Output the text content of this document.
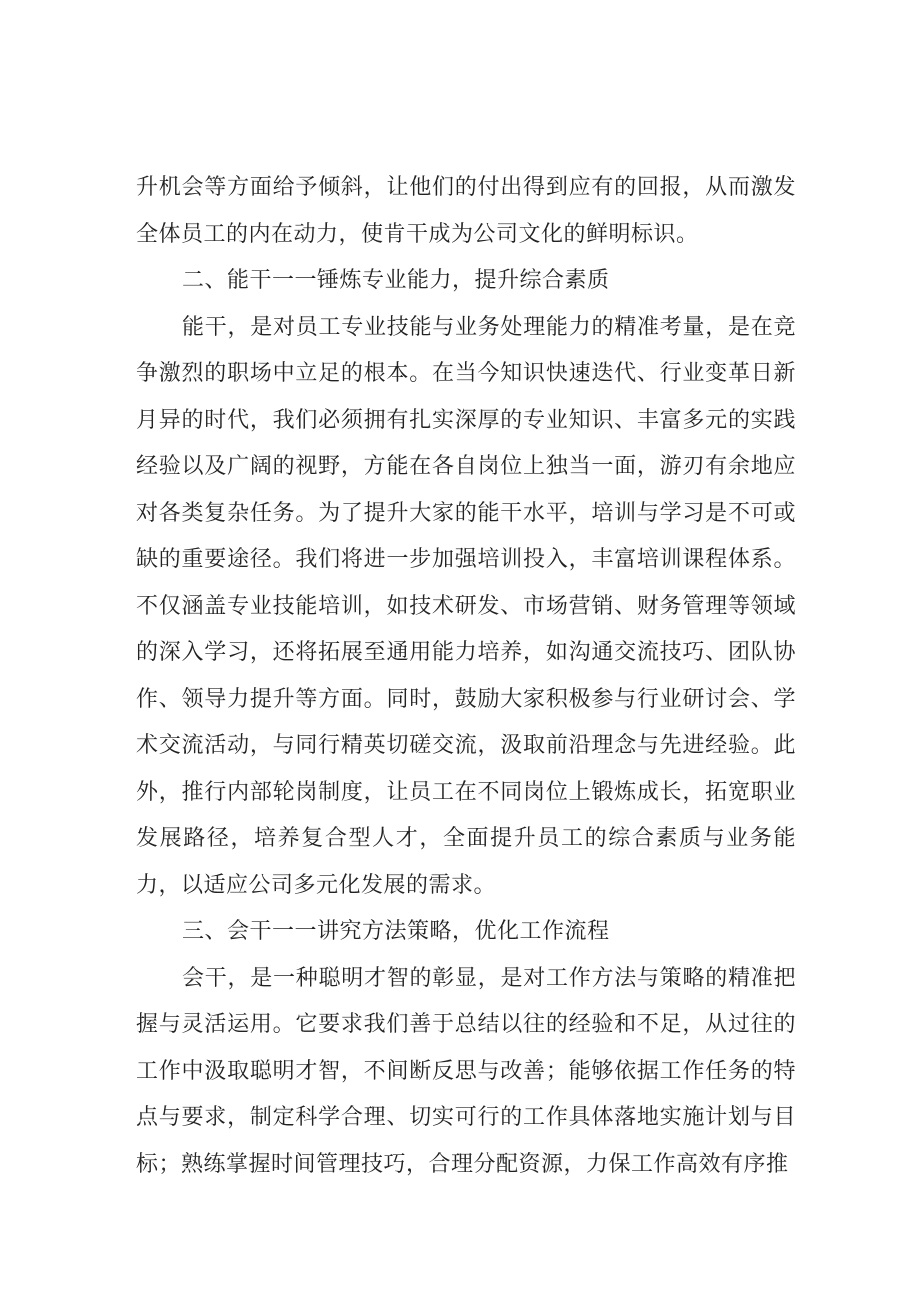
升机会等方面给予倾斜，让他们的付出得到应有的回报，从而激发全体员工的内在动力，使肯干成为公司文化的鲜明标识。

二、能干一一锤炼专业能力，提升综合素质

能干，是对员工专业技能与业务处理能力的精准考量，是在竞争激烈的职场中立足的根本。在当今知识快速迭代、行业变革日新月异的时代，我们必须拥有扎实深厚的专业知识、丰富多元的实践经验以及广阔的视野，方能在各自岗位上独当一面，游刃有余地应对各类复杂任务。为了提升大家的能干水平，培训与学习是不可或缺的重要途径。我们将进一步加强培训投入，丰富培训课程体系。不仅涵盖专业技能培训，如技术研发、市场营销、财务管理等领域的深入学习，还将拓展至通用能力培养，如沟通交流技巧、团队协作、领导力提升等方面。同时，鼓励大家积极参与行业研讨会、学术交流活动，与同行精英切磋交流，汲取前沿理念与先进经验。此外，推行内部轮岗制度，让员工在不同岗位上锻炼成长，拓宽职业发展路径，培养复合型人才，全面提升员工的综合素质与业务能力，以适应公司多元化发展的需求。

三、会干一一讲究方法策略，优化工作流程

会干，是一种聪明才智的彰显，是对工作方法与策略的精准把握与灵活运用。它要求我们善于总结以往的经验和不足，从过往的工作中汲取聪明才智，不间断反思与改善；能够依据工作任务的特点与要求，制定科学合理、切实可行的工作具体落地实施计划与目标；熟练掌握时间管理技巧，合理分配资源，力保工作高效有序推
